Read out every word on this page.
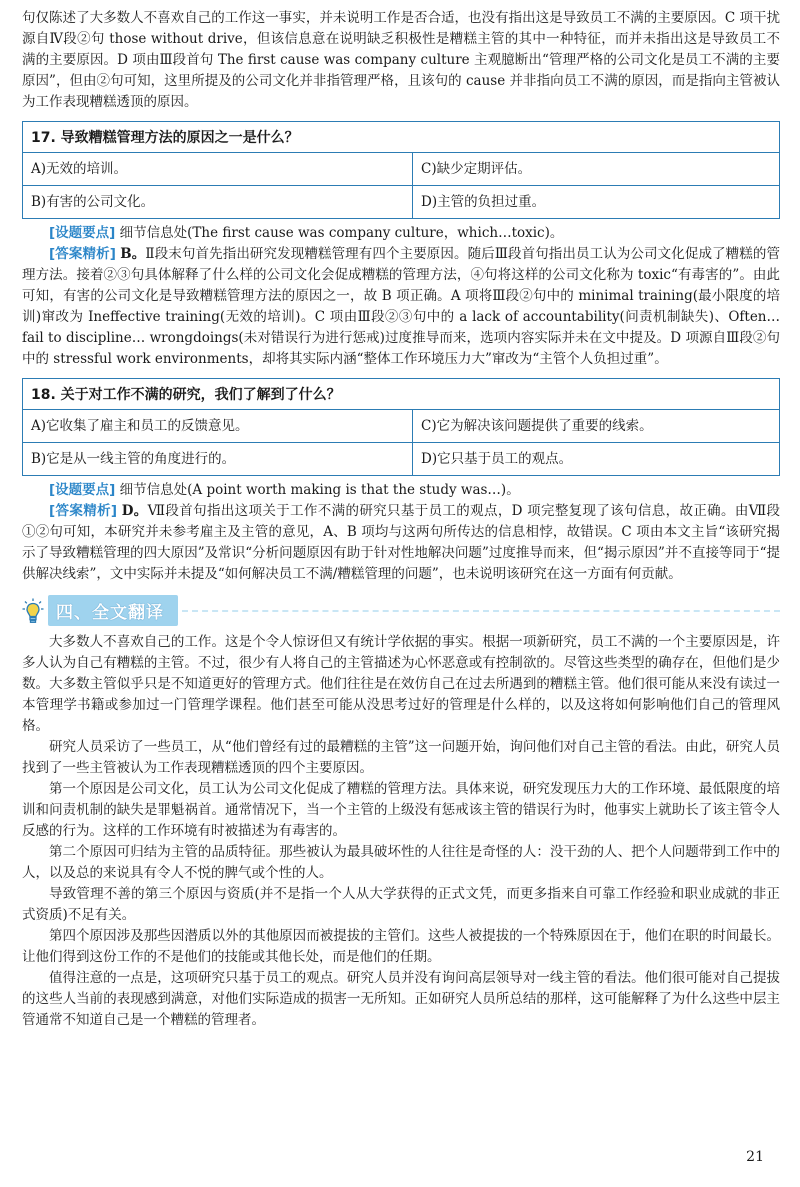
句仅陈述了大多数人不喜欢自己的工作这一事实，并未说明工作是否合适，也没有指出这是导致员工不满的主要原因。C 项干扰源自Ⅳ段②句 those without drive，但该信息意在说明缺乏积极性是糟糕主管的其中一种特征，而并未指出这是导致员工不满的主要原因。D 项由Ⅲ段首句 The first cause was company culture 主观臆断出“管理严格的公司文化是员工不满的主要原因”，但由②句可知，这里所提及的公司文化并非指管理严格，且该句的 cause 并非指向员工不满的原因，而是指向主管被认为工作表现糟糕透顶的原因。

17. 导致糟糕管理方法的原因之一是什么？
A)无效的培训。	C)缺少定期评估。
B)有害的公司文化。	D)主管的负担过重。

[设题要点] 细节信息处(The first cause was company culture，which…toxic)。

[答案精析] B。Ⅱ段末句首先指出研究发现糟糕管理有四个主要原因。随后Ⅲ段首句指出员工认为公司文化促成了糟糕的管理方法。接着②③句具体解释了什么样的公司文化会促成糟糕的管理方法，④句将这样的公司文化称为 toxic“有毒害的”。由此可知，有害的公司文化是导致糟糕管理方法的原因之一，故 B 项正确。A 项将Ⅲ段②句中的 minimal training(最小限度的培训)窜改为 Ineffective training(无效的培训)。C 项由Ⅲ段②③句中的 a lack of accountability(问责机制缺失)、Often… fail to discipline… wrongdoings(未对错误行为进行惩戒)过度推导而来，选项内容实际并未在文中提及。D 项源自Ⅲ段②句中的 stressful work environments，却将其实际内涵“整体工作环境压力大”窜改为“主管个人负担过重”。

18. 关于对工作不满的研究，我们了解到了什么？
A)它收集了雇主和员工的反馈意见。	C)它为解决该问题提供了重要的线索。
B)它是从一线主管的角度进行的。	D)它只基于员工的观点。

[设题要点] 细节信息处(A point worth making is that the study was…)。

[答案精析] D。Ⅶ段首句指出这项关于工作不满的研究只基于员工的观点，D 项完整复现了该句信息，故正确。由Ⅶ段①②句可知，本研究并未参考雇主及主管的意见，A、B 项均与这两句所传达的信息相悖，故错误。C 项由本文主旨“该研究揭示了导致糟糕管理的四大原因”及常识“分析问题原因有助于针对性地解决问题”过度推导而来，但“揭示原因”并不直接等同于“提供解决线索”，文中实际并未提及“如何解决员工不满/糟糕管理的问题”，也未说明该研究在这一方面有何贡献。

四、全文翻译

大多数人不喜欢自己的工作。这是个令人惊讶但又有统计学依据的事实。根据一项新研究，员工不满的一个主要原因是，许多人认为自己有糟糕的主管。不过，很少有人将自己的主管描述为心怀恶意或有控制欲的。尽管这些类型的确存在，但他们是少数。大多数主管似乎只是不知道更好的管理方式。他们往往是在效仿自己在过去所遇到的糟糕主管。他们很可能从来没有读过一本管理学书籍或参加过一门管理学课程。他们甚至可能从没思考过好的管理是什么样的，以及这将如何影响他们自己的管理风格。

研究人员采访了一些员工，从“他们曾经有过的最糟糕的主管”这一问题开始，询问他们对自己主管的看法。由此，研究人员找到了一些主管被认为工作表现糟糕透顶的四个主要原因。

第一个原因是公司文化，员工认为公司文化促成了糟糕的管理方法。具体来说，研究发现压力大的工作环境、最低限度的培训和问责机制的缺失是罪魁祸首。通常情况下，当一个主管的上级没有惩戒该主管的错误行为时，他事实上就助长了该主管令人反感的行为。这样的工作环境有时被描述为有毒害的。

第二个原因可归结为主管的品质特征。那些被认为最具破坏性的人往往是奇怪的人：没干劲的人、把个人问题带到工作中的人，以及总的来说具有令人不悦的脾气或个性的人。

导致管理不善的第三个原因与资质(并不是指一个人从大学获得的正式文凭，而更多指来自可靠工作经验和职业成就的非正式资质)不足有关。

第四个原因涉及那些因潜质以外的其他原因而被提拔的主管们。这些人被提拔的一个特殊原因在于，他们在职的时间最长。让他们得到这份工作的不是他们的技能或其他长处，而是他们的任期。

值得注意的一点是，这项研究只基于员工的观点。研究人员并没有询问高层领导对一线主管的看法。他们很可能对自己提拔的这些人当前的表现感到满意，对他们实际造成的损害一无所知。正如研究人员所总结的那样，这可能解释了为什么这些中层主管通常不知道自己是一个糟糕的管理者。

21
